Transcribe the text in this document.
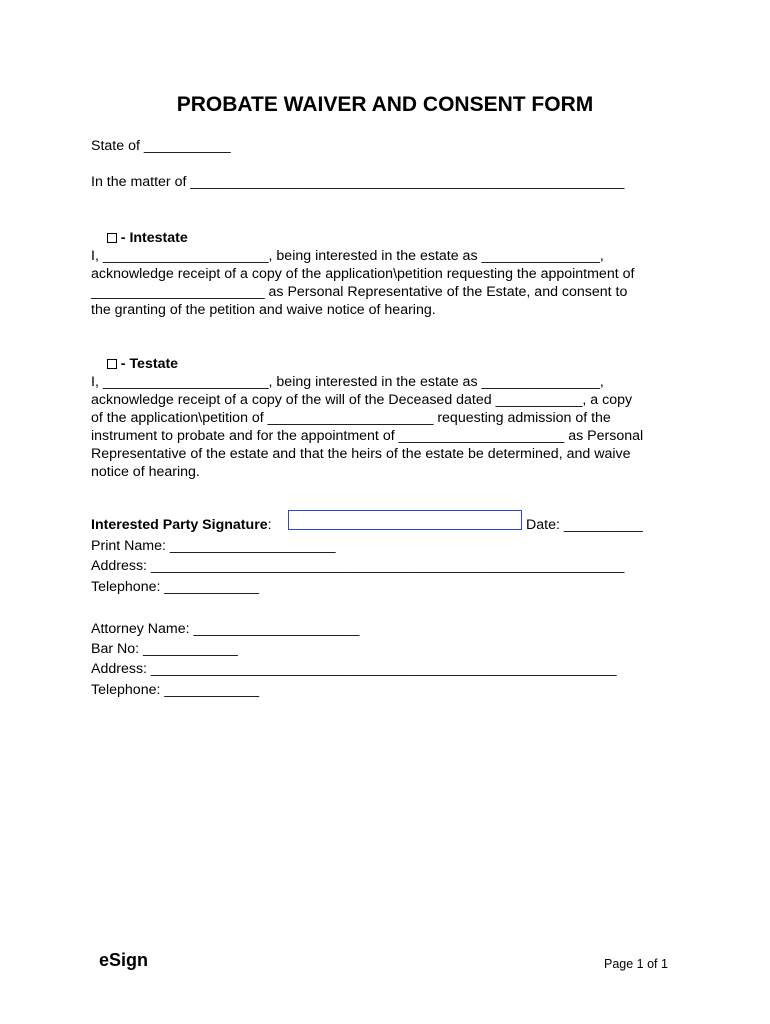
PROBATE WAIVER AND CONSENT FORM
State of ___________
In the matter of _______________________________________________________

- Intestate

I, _____________________, being interested in the estate as _______________,
acknowledge receipt of a copy of the application\petition requesting the appointment of
______________________ as Personal Representative of the Estate, and consent to
the granting of the petition and waive notice of hearing.

- Testate

I, _____________________, being interested in the estate as _______________,
acknowledge receipt of a copy of the will of the Deceased dated ___________, a copy
of the application\petition of _____________________ requesting admission of the
instrument to probate and for the appointment of _____________________ as Personal
Representative of the estate and that the heirs of the estate be determined, and waive
notice of hearing.
Interested Party Signature:	Date: __________
Print Name: _____________________
Address: ____________________________________________________________
Telephone: ____________
Attorney Name: _____________________
Bar No: ____________
Address: ___________________________________________________________
Telephone: ____________
eSign	Page 1 of 1
